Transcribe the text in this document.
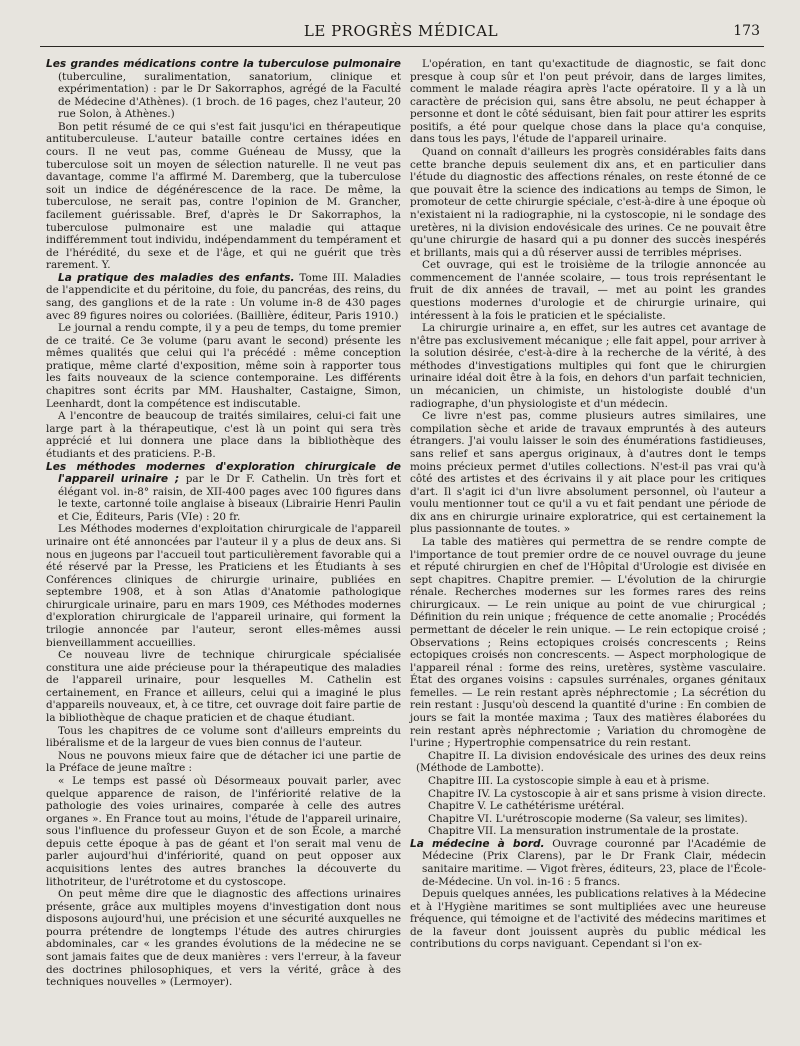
LE PROGRÈS MÉDICAL	173

Les grandes médications contre la tuberculose pulmonaire (tuberculine, suralimentation, sanatorium, clinique et expérimentation) : par le Dr Sakorraphos, agrégé de la Faculté de Médecine d'Athènes). (1 broch. de 16 pages, chez l'auteur, 20 rue Solon, à Athènes.)

Bon petit résumé de ce qui s'est fait jusqu'ici en thérapeutique antituberculeuse. L'auteur bataille contre certaines idées en cours. Il ne veut pas, comme Guéneau de Mussy, que la tuberculose soit un moyen de sélection naturelle. Il ne veut pas davantage, comme l'a affirmé M. Daremberg, que la tuberculose soit un indice de dégénérescence de la race. De même, la tuberculose, ne serait pas, contre l'opinion de M. Grancher, facilement guérissable. Bref, d'après le Dr Sakorraphos, la tuberculose pulmonaire est une maladie qui attaque indifféremment tout individu, indépendamment du tempérament et de l'hérédité, du sexe et de l'âge, et qui ne guérit que très rarement. Y.

La pratique des maladies des enfants. Tome III. Maladies de l'appendicite et du péritoine, du foie, du pancréas, des reins, du sang, des ganglions et de la rate : Un volume in-8 de 430 pages avec 89 figures noires ou coloriées. (Baillière, éditeur, Paris 1910.)

Le journal a rendu compte, il y a peu de temps, du tome premier de ce traité. Ce 3e volume (paru avant le second) présente les mêmes qualités que celui qui l'a précédé : même conception pratique, même clarté d'exposition, même soin à rapporter tous les faits nouveaux de la science contemporaine. Les différents chapitres sont écrits par MM. Haushalter, Castaigne, Simon, Leenhardt, dont la compétence est indiscutable.

A l'encontre de beaucoup de traités similaires, celui-ci fait une large part à la thérapeutique, c'est là un point qui sera très apprécié et lui donnera une place dans la bibliothèque des étudiants et des praticiens. P.-B.

Les méthodes modernes d'exploration chirurgicale de l'appareil urinaire ; par le Dr F. Cathelin. Un très fort et élégant vol. in-8° raisin, de XII-400 pages avec 100 figures dans le texte, cartonné toile anglaise à biseaux (Librairie Henri Paulin et Cie, Éditeurs, Paris (VIe) : 20 fr.

Les Méthodes modernes d'exploitation chirurgicale de l'appareil urinaire ont été annoncées par l'auteur il y a plus de deux ans. Si nous en jugeons par l'accueil tout particulièrement favorable qui a été réservé par la Presse, les Praticiens et les Étudiants à ses Conférences cliniques de chirurgie urinaire, publiées en septembre 1908, et à son Atlas d'Anatomie pathologique chirurgicale urinaire, paru en mars 1909, ces Méthodes modernes d'exploration chirurgicale de l'appareil urinaire, qui forment la trilogie annoncée par l'auteur, seront elles-mêmes aussi bienveillamment accueillies.

Ce nouveau livre de technique chirurgicale spécialisée constitura une aide précieuse pour la thérapeutique des maladies de l'appareil urinaire, pour lesquelles M. Cathelin est certainement, en France et ailleurs, celui qui a imaginé le plus d'appareils nouveaux, et, à ce titre, cet ouvrage doit faire partie de la bibliothèque de chaque praticien et de chaque étudiant.

Tous les chapitres de ce volume sont d'ailleurs empreints du libéralisme et de la largeur de vues bien connus de l'auteur.

Nous ne pouvons mieux faire que de détacher ici une partie de la Préface de jeune maître :

« Le temps est passé où Désormeaux pouvait parler, avec quelque apparence de raison, de l'infériorité relative de la pathologie des voies urinaires, comparée à celle des autres organes ». En France tout au moins, l'étude de l'appareil urinaire, sous l'influence du professeur Guyon et de son École, a marché depuis cette époque à pas de géant et l'on serait mal venu de parler aujourd'hui d'infériorité, quand on peut opposer aux acquisitions lentes des autres branches la découverte du lithotriteur, de l'urétrotome et du cystoscope.

On peut même dire que le diagnostic des affections urinaires présente, grâce aux multiples moyens d'investigation dont nous disposons aujourd'hui, une précision et une sécurité auxquelles ne pourra prétendre de longtemps l'étude des autres chirurgies abdominales, car « les grandes évolutions de la médecine ne se sont jamais faites que de deux manières : vers l'erreur, à la faveur des doctrines philosophiques, et vers la vérité, grâce à des techniques nouvelles » (Lermoyer).

L'opération, en tant qu'exactitude de diagnostic, se fait donc presque à coup sûr et l'on peut prévoir, dans de larges limites, comment le malade réagira après l'acte opératoire. Il y a là un caractère de précision qui, sans être absolu, ne peut échapper à personne et dont le côté séduisant, bien fait pour attirer les esprits positifs, a été pour quelque chose dans la place qu'a conquise, dans tous les pays, l'étude de l'appareil urinaire.

Quand on connaît d'ailleurs les progrès considérables faits dans cette branche depuis seulement dix ans, et en particulier dans l'étude du diagnostic des affections rénales, on reste étonné de ce que pouvait être la science des indications au temps de Simon, le promoteur de cette chirurgie spéciale, c'est-à-dire à une époque où n'existaient ni la radiographie, ni la cystoscopie, ni le sondage des uretères, ni la division endovésicale des urines. Ce ne pouvait être qu'une chirurgie de hasard qui a pu donner des succès inespérés et brillants, mais qui a dû réserver aussi de terribles méprises.

Cet ouvrage, qui est le troisième de la trilogie annoncée au commencement de l'année scolaire, — tous trois représentant le fruit de dix années de travail, — met au point les grandes questions modernes d'urologie et de chirurgie urinaire, qui intéressent à la fois le praticien et le spécialiste.

La chirurgie urinaire a, en effet, sur les autres cet avantage de n'être pas exclusivement mécanique ; elle fait appel, pour arriver à la solution désirée, c'est-à-dire à la recherche de la vérité, à des méthodes d'investigations multiples qui font que le chirurgien urinaire idéal doit être à la fois, en dehors d'un parfait technicien, un mécanicien, un chimiste, un histologiste doublé d'un radiographe, d'un physiologiste et d'un médecin.

Ce livre n'est pas, comme plusieurs autres similaires, une compilation sèche et aride de travaux empruntés à des auteurs étrangers. J'ai voulu laisser le soin des énumérations fastidieuses, sans relief et sans apergus originaux, à d'autres dont le temps moins précieux permet d'utiles collections. N'est-il pas vrai qu'à côté des artistes et des écrivains il y ait place pour les critiques d'art. Il s'agit ici d'un livre absolument personnel, où l'auteur a voulu mentionner tout ce qu'il a vu et fait pendant une période de dix ans en chirurgie urinaire exploratrice, qui est certainement la plus passionnante de toutes. »

La table des matières qui permettra de se rendre compte de l'importance de tout premier ordre de ce nouvel ouvrage du jeune et réputé chirurgien en chef de l'Hôpital d'Urologie est divisée en sept chapitres. Chapitre premier. — L'évolution de la chirurgie rénale. Recherches modernes sur les formes rares des reins chirurgicaux. — Le rein unique au point de vue chirurgical ; Définition du rein unique ; fréquence de cette anomalie ; Procédés permettant de déceler le rein unique. — Le rein ectopique croisé ; Observations ; Reins ectopiques croisés concrescents ; Reins ectopiques croisés non concrescents. — Aspect morphologique de l'appareil rénal : forme des reins, uretères, système vasculaire. État des organes voisins : capsules surrénales, organes génitaux femelles. — Le rein restant après néphrectomie ; La sécrétion du rein restant : Jusqu'où descend la quantité d'urine : En combien de jours se fait la montée maxima ; Taux des matières élaborées du rein restant après néphrectomie ; Variation du chromogène de l'urine ; Hypertrophie compensatrice du rein restant.

Chapitre II. La division endovésicale des urines des deux reins (Méthode de Lambotte).

Chapitre III. La cystoscopie simple à eau et à prisme.

Chapitre IV. La cystoscopie à air et sans prisme à vision directe.

Chapitre V. Le cathétérisme urétéral.

Chapitre VI. L'urétroscopie moderne (Sa valeur, ses limites).

Chapitre VII. La mensuration instrumentale de la prostate.

La médecine à bord. Ouvrage couronné par l'Académie de Médecine (Prix Clarens), par le Dr Frank Clair, médecin sanitaire maritime. — Vigot frères, éditeurs, 23, place de l'École-de-Médecine. Un vol. in-16 : 5 francs.

Depuis quelques années, les publications relatives à la Médecine et à l'Hygiène maritimes se sont multipliées avec une heureuse fréquence, qui témoigne et de l'activité des médecins maritimes et de la faveur dont jouissent auprès du public médical les contributions du corps naviguant. Cependant si l'on ex-
